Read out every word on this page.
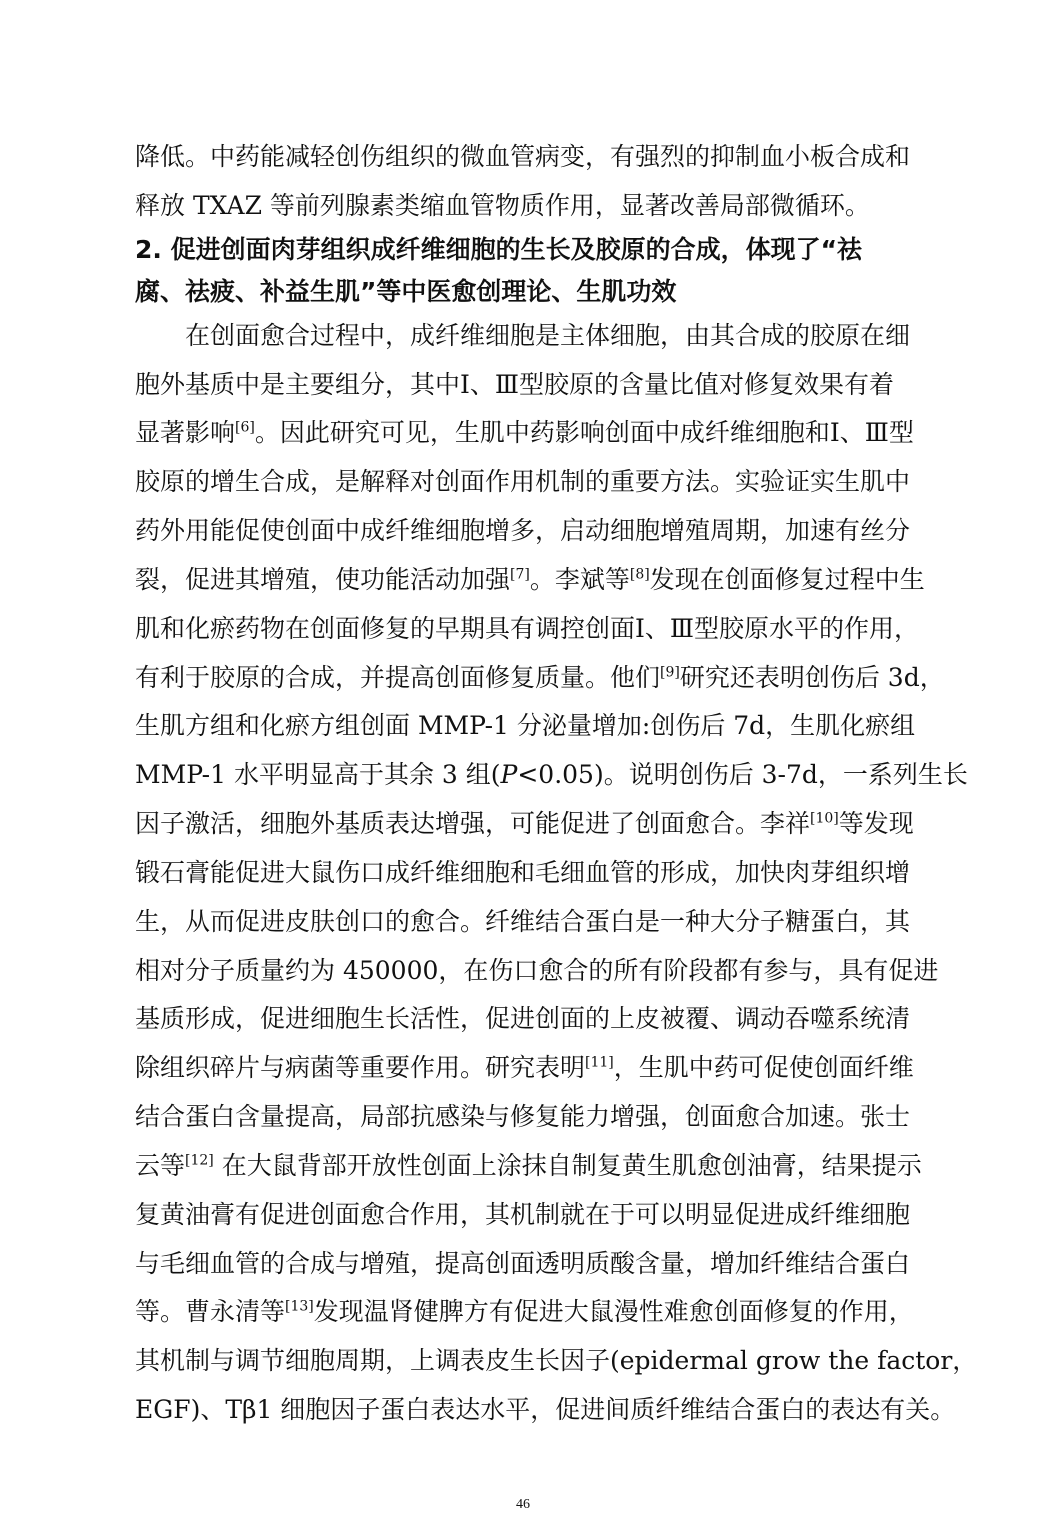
降低。中药能减轻创伤组织的微血管病变，有强烈的抑制血小板合成和
释放 TXAZ 等前列腺素类缩血管物质作用，显著改善局部微循环。
2. 促进创面肉芽组织成纤维细胞的生长及胶原的合成，体现了“祛
腐、祛疲、补益生肌”等中医愈创理论、生肌功效
在创面愈合过程中，成纤维细胞是主体细胞，由其合成的胶原在细
胞外基质中是主要组分，其中Ⅰ、Ⅲ型胶原的含量比值对修复效果有着
显著影响[6]。因此研究可见，生肌中药影响创面中成纤维细胞和Ⅰ、Ⅲ型
胶原的增生合成，是解释对创面作用机制的重要方法。实验证实生肌中
药外用能促使创面中成纤维细胞增多，启动细胞增殖周期，加速有丝分
裂，促进其增殖，使功能活动加强[7]。李斌等[8]发现在创面修复过程中生
肌和化瘀药物在创面修复的早期具有调控创面Ⅰ、Ⅲ型胶原水平的作用，
有利于胶原的合成，并提高创面修复质量。他们[9]研究还表明创伤后 3d，
生肌方组和化瘀方组创面 MMP-1 分泌量增加:创伤后 7d，生肌化瘀组
MMP-1 水平明显高于其余 3 组(P<0.05)。说明创伤后 3-7d，一系列生长
因子激活，细胞外基质表达增强，可能促进了创面愈合。李祥[10]等发现
锻石膏能促进大鼠伤口成纤维细胞和毛细血管的形成，加快肉芽组织增
生，从而促进皮肤创口的愈合。纤维结合蛋白是一种大分子糖蛋白，其
相对分子质量约为 450000，在伤口愈合的所有阶段都有参与，具有促进
基质形成，促进细胞生长活性，促进创面的上皮被覆、调动吞噬系统清
除组织碎片与病菌等重要作用。研究表明[11]，生肌中药可促使创面纤维
结合蛋白含量提高，局部抗感染与修复能力增强，创面愈合加速。张士
云等[12] 在大鼠背部开放性创面上涂抹自制复黄生肌愈创油膏，结果提示
复黄油膏有促进创面愈合作用，其机制就在于可以明显促进成纤维细胞
与毛细血管的合成与增殖，提高创面透明质酸含量，增加纤维结合蛋白
等。曹永清等[13]发现温肾健脾方有促进大鼠漫性难愈创面修复的作用，
其机制与调节细胞周期，上调表皮生长因子(epidermal grow the factor，
EGF)、Tβ1 细胞因子蛋白表达水平，促进间质纤维结合蛋白的表达有关。
46
